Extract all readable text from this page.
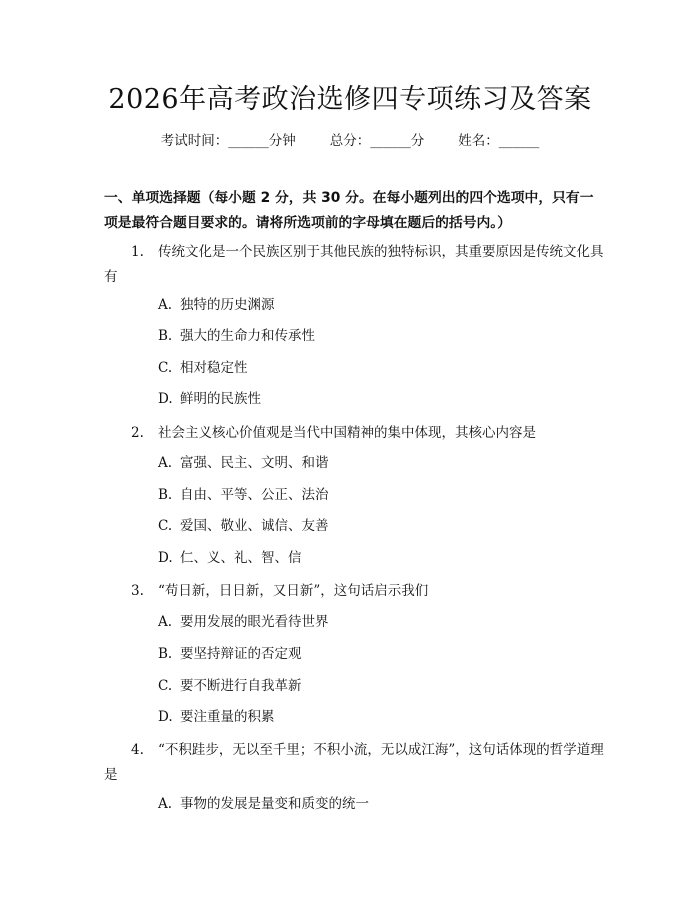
2026年高考政治选修四专项练习及答案
考试时间：______分钟	总分：______分	姓名：______
一、单项选择题（每小题 2 分，共 30 分。在每小题列出的四个选项中，只有一项是最符合题目要求的。请将所选项前的字母填在题后的括号内。）
1. 传统文化是一个民族区别于其他民族的独特标识，其重要原因是传统文化具有
A. 独特的历史渊源
B. 强大的生命力和传承性
C. 相对稳定性
D. 鲜明的民族性
2. 社会主义核心价值观是当代中国精神的集中体现，其核心内容是
A. 富强、民主、文明、和谐
B. 自由、平等、公正、法治
C. 爱国、敬业、诚信、友善
D. 仁、义、礼、智、信
3. “苟日新，日日新，又日新”，这句话启示我们
A. 要用发展的眼光看待世界
B. 要坚持辩证的否定观
C. 要不断进行自我革新
D. 要注重量的积累
4. “不积跬步，无以至千里；不积小流，无以成江海”，这句话体现的哲学道理是
A. 事物的发展是量变和质变的统一
